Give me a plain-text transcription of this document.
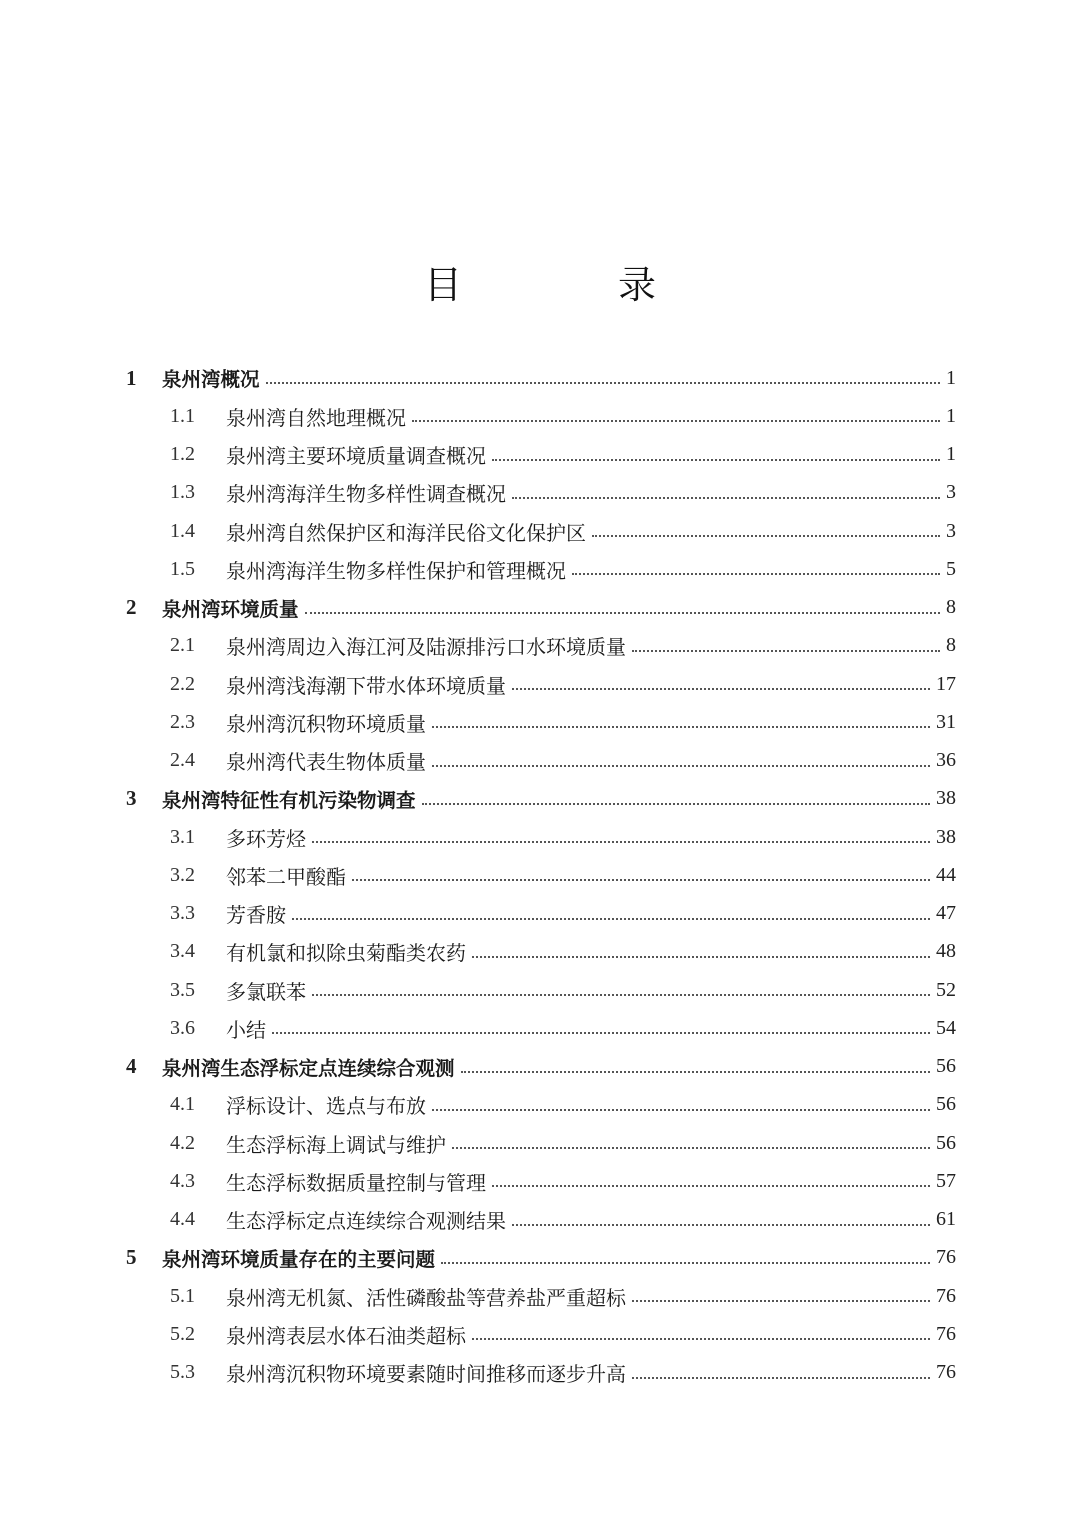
目 录
1	泉州湾概况	1
1.1	泉州湾自然地理概况	1
1.2	泉州湾主要环境质量调查概况	1
1.3	泉州湾海洋生物多样性调查概况	3
1.4	泉州湾自然保护区和海洋民俗文化保护区	3
1.5	泉州湾海洋生物多样性保护和管理概况	5
2	泉州湾环境质量	8
2.1	泉州湾周边入海江河及陆源排污口水环境质量	8
2.2	泉州湾浅海潮下带水体环境质量	17
2.3	泉州湾沉积物环境质量	31
2.4	泉州湾代表生物体质量	36
3	泉州湾特征性有机污染物调查	38
3.1	多环芳烃	38
3.2	邻苯二甲酸酯	44
3.3	芳香胺	47
3.4	有机氯和拟除虫菊酯类农药	48
3.5	多氯联苯	52
3.6	小结	54
4	泉州湾生态浮标定点连续综合观测	56
4.1	浮标设计、选点与布放	56
4.2	生态浮标海上调试与维护	56
4.3	生态浮标数据质量控制与管理	57
4.4	生态浮标定点连续综合观测结果	61
5	泉州湾环境质量存在的主要问题	76
5.1	泉州湾无机氮、活性磷酸盐等营养盐严重超标	76
5.2	泉州湾表层水体石油类超标	76
5.3	泉州湾沉积物环境要素随时间推移而逐步升高	76
